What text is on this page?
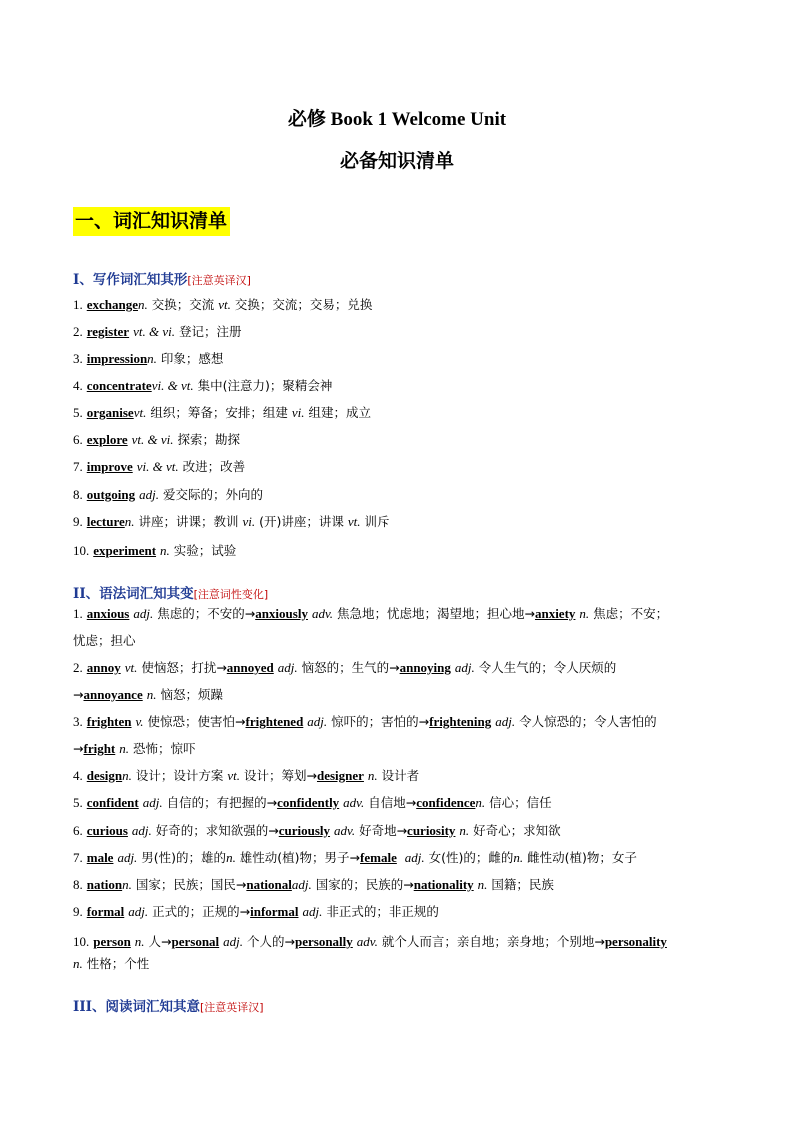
必修 Book 1 Welcome Unit
必备知识清单
一、词汇知识清单
I、写作词汇知其形[注意英译汉]
1. exchangen. 交换；交流 vt. 交换；交流；交易；兑换
2. register vt. & vi. 登记；注册
3. impressionn. 印象；感想
4. concentratevi. & vt. 集中(注意力)；聚精会神
5. organisevt. 组织；筹备；安排；组建 vi. 组建；成立
6. explore vt. & vi. 探索；勘探
7. improve vi. & vt. 改进；改善
8. outgoing adj. 爱交际的；外向的
9. lecturen. 讲座；讲课；教训 vi. (开)讲座；讲课 vt. 训斥
10. experiment n. 实验；试验
II、语法词汇知其变[注意词性变化]
1. anxious adj. 焦虑的；不安的→anxiously adv. 焦急地；忧虑地；渴望地；担心地→anxiety n. 焦虑；不安；
忧虑；担心
2. annoy vt. 使恼怒；打扰→annoyed adj. 恼怒的；生气的→annoying adj. 令人生气的；令人厌烦的
→annoyance n. 恼怒；烦躁
3. frighten v. 使惊恐；使害怕→frightened adj. 惊吓的；害怕的→frightening adj. 令人惊恐的；令人害怕的
→fright n. 恐怖；惊吓
4. designn. 设计；设计方案 vt. 设计；筹划→designer n. 设计者
5. confident adj. 自信的；有把握的→confidently adv. 自信地→confidencen. 信心；信任
6. curious adj. 好奇的；求知欲强的→curiously adv. 好奇地→curiosity n. 好奇心；求知欲
7. male adj. 男(性)的；雄的n. 雄性动(植)物；男子→female adj. 女(性)的；雌的n. 雌性动(植)物；女子
8. nationn. 国家；民族；国民→nationaladj. 国家的；民族的→nationality n. 国籍；民族
9. formal adj. 正式的；正规的→informal adj. 非正式的；非正规的
10. person n. 人→personal adj. 个人的→personally adv. 就个人而言；亲自地；亲身地；个别地→personality
n. 性格；个性
III、阅读词汇知其意[注意英译汉]
